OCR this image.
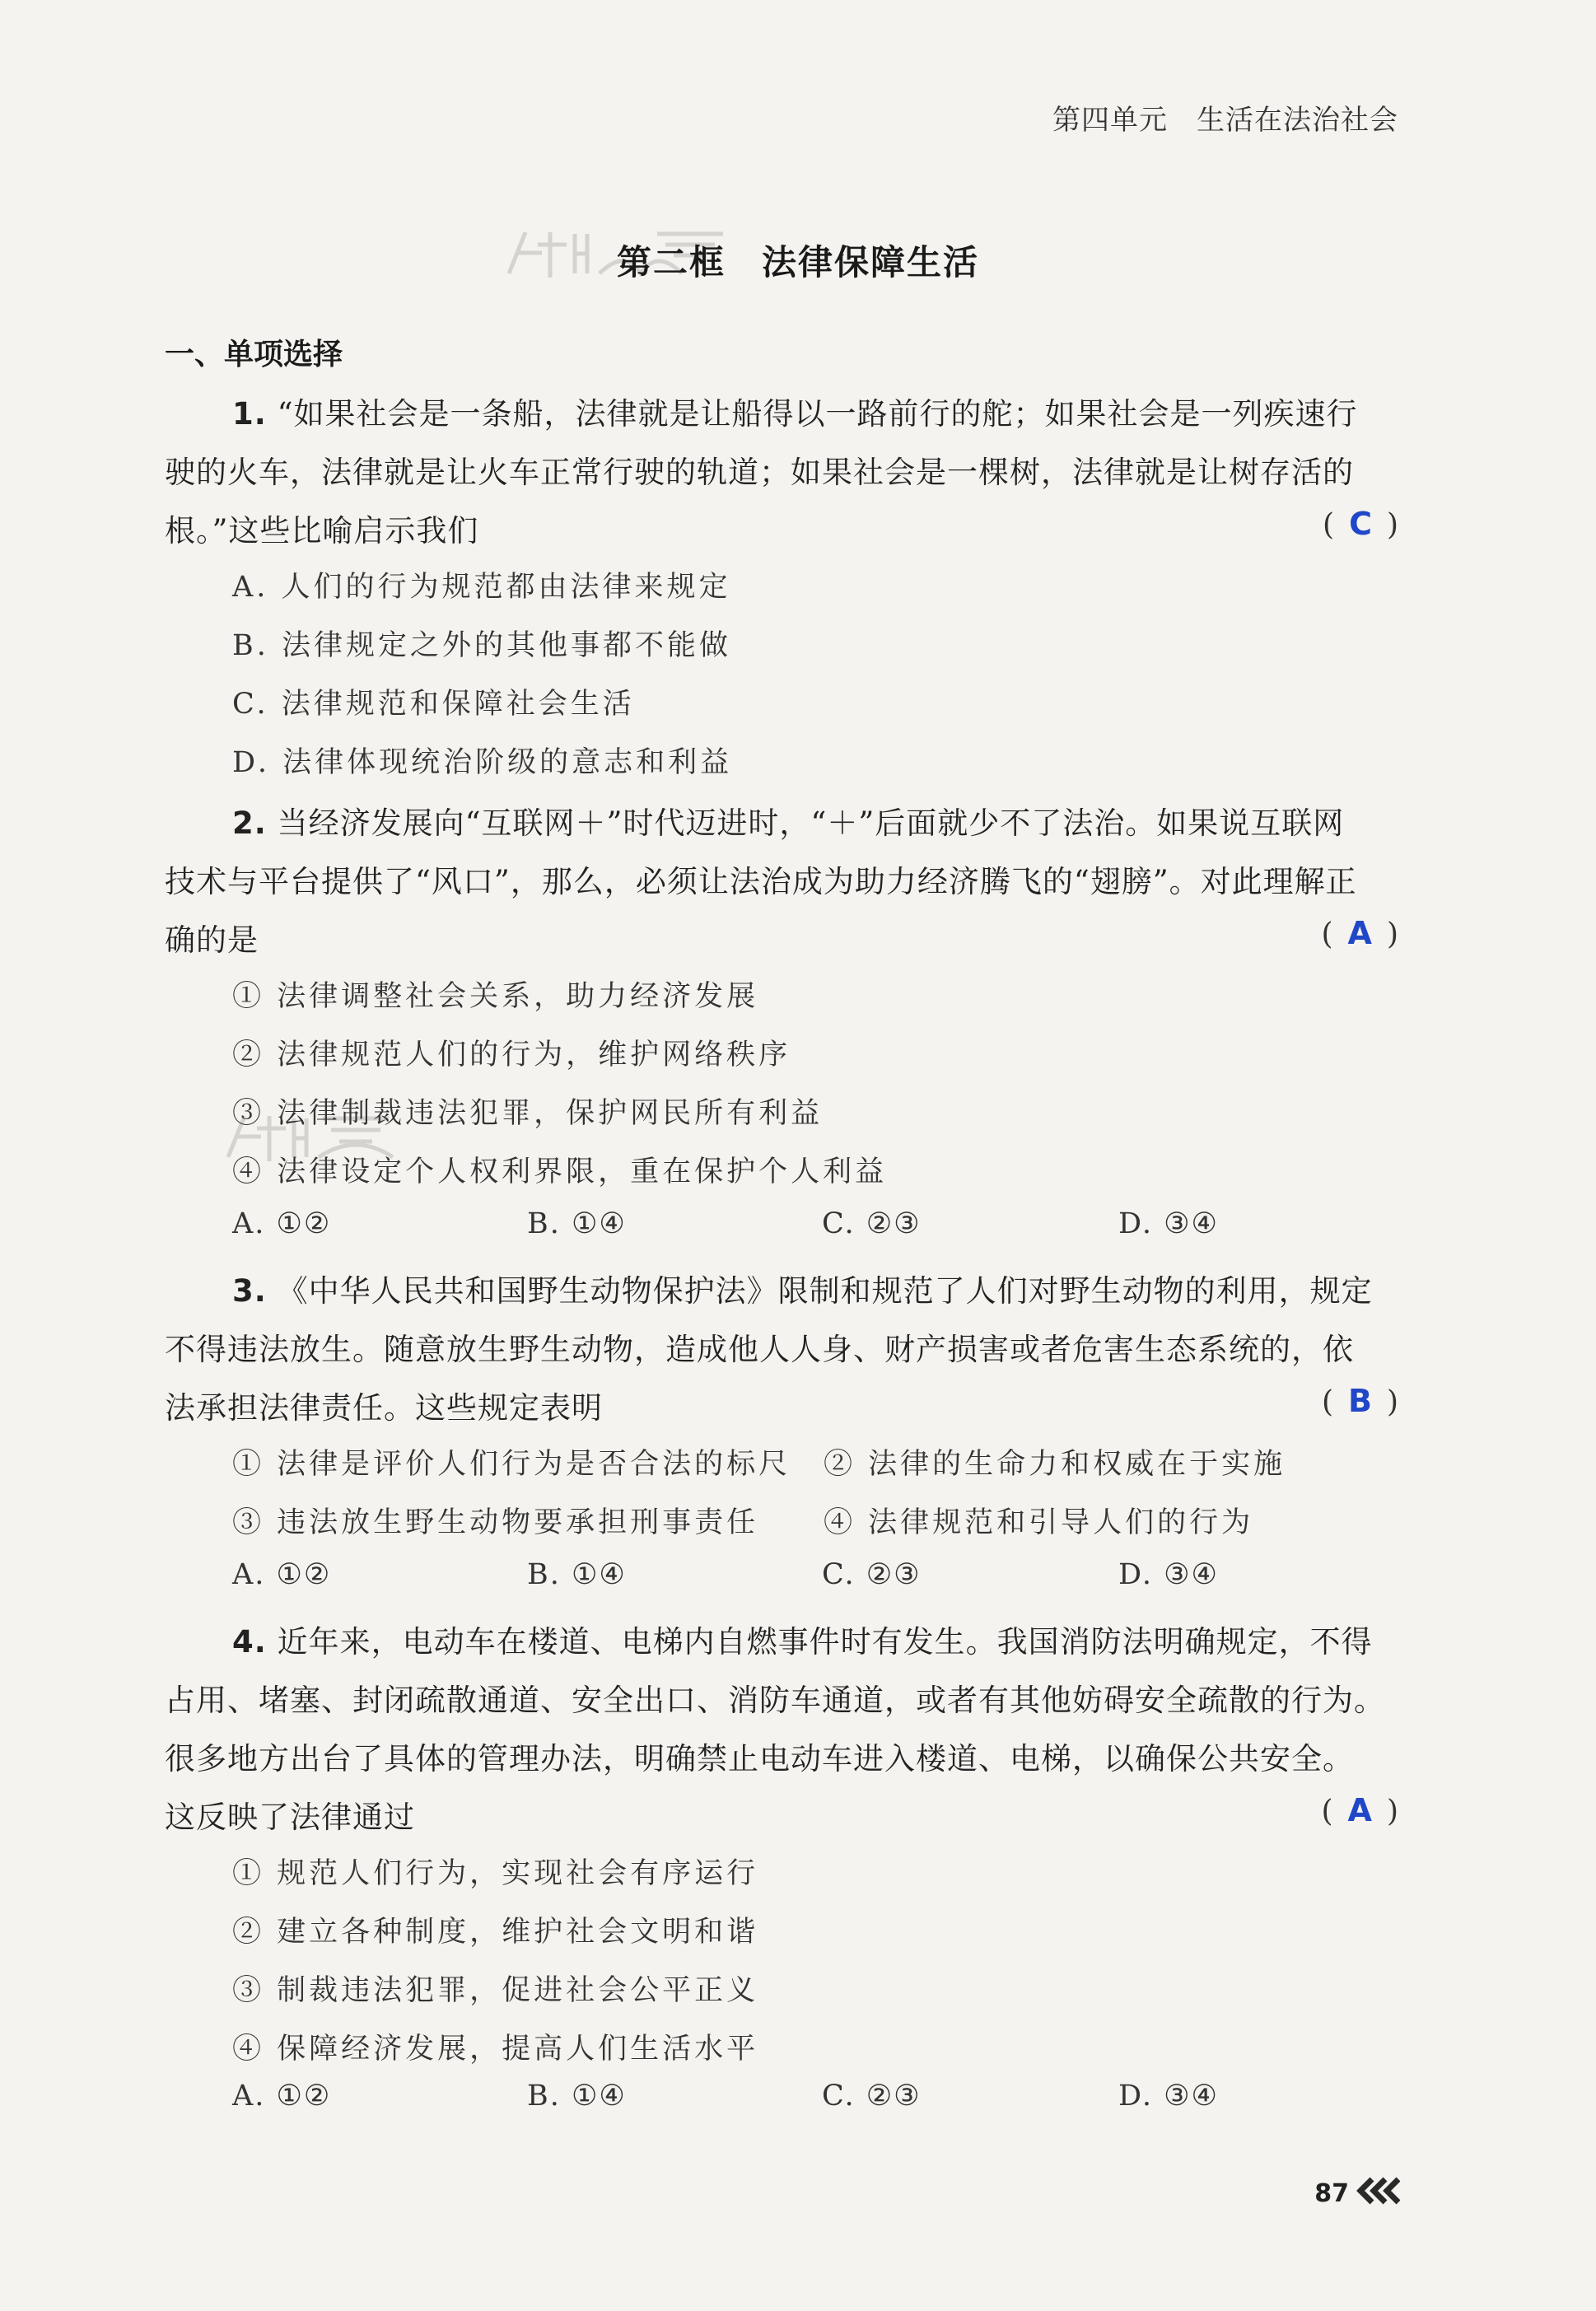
第四单元　生活在法治社会
第二框　法律保障生活
一、单项选择
1. “如果社会是一条船，法律就是让船得以一路前行的舵；如果社会是一列疾速行
驶的火车，法律就是让火车正常行驶的轨道；如果社会是一棵树，法律就是让树存活的
根。”这些比喻启示我们	( C )
A. 人们的行为规范都由法律来规定
B. 法律规定之外的其他事都不能做
C. 法律规范和保障社会生活
D. 法律体现统治阶级的意志和利益
2. 当经济发展向“互联网＋”时代迈进时，“＋”后面就少不了法治。如果说互联网
技术与平台提供了“风口”，那么，必须让法治成为助力经济腾飞的“翅膀”。对此理解正
确的是	( A )
① 法律调整社会关系，助力经济发展
② 法律规范人们的行为，维护网络秩序
③ 法律制裁违法犯罪，保护网民所有利益
④ 法律设定个人权利界限，重在保护个人利益
A. ①②	B. ①④	C. ②③	D. ③④
3. 《中华人民共和国野生动物保护法》限制和规范了人们对野生动物的利用，规定
不得违法放生。随意放生野生动物，造成他人人身、财产损害或者危害生态系统的，依
法承担法律责任。这些规定表明	( B )
① 法律是评价人们行为是否合法的标尺 ② 法律的生命力和权威在于实施
③ 违法放生野生动物要承担刑事责任 ④ 法律规范和引导人们的行为
A. ①②	B. ①④	C. ②③	D. ③④
4. 近年来，电动车在楼道、电梯内自燃事件时有发生。我国消防法明确规定，不得
占用、堵塞、封闭疏散通道、安全出口、消防车通道，或者有其他妨碍安全疏散的行为。
很多地方出台了具体的管理办法，明确禁止电动车进入楼道、电梯，以确保公共安全。
这反映了法律通过	( A )
① 规范人们行为，实现社会有序运行
② 建立各种制度，维护社会文明和谐
③ 制裁违法犯罪，促进社会公平正义
④ 保障经济发展，提高人们生活水平
A. ①②	B. ①④	C. ②③	D. ③④
87
